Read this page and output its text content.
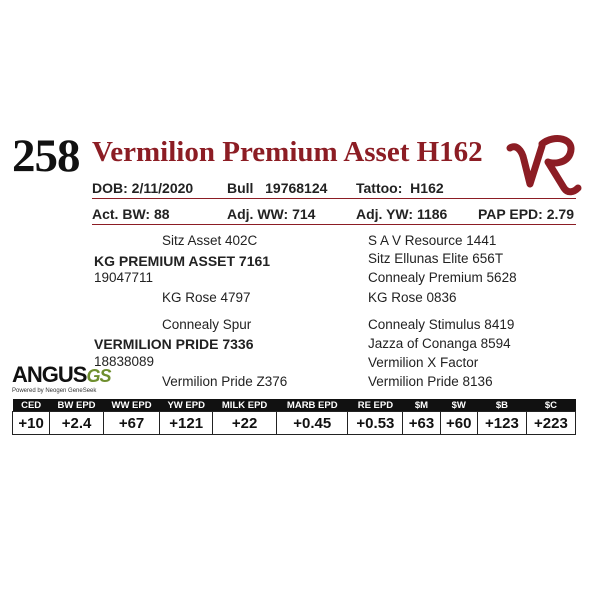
258 Vermilion Premium Asset H162
DOB: 2/11/2020 Bull 19768124 Tattoo: H162
Act. BW: 88	Adj. WW: 714	Adj. YW: 1186 PAP EPD: 2.79
Sitz Asset 402C
KG PREMIUM ASSET 7161
19047711
KG Rose 4797
S A V Resource 1441
Sitz Ellunas Elite 656T
Connealy Premium 5628
KG Rose 0836
Connealy Spur
VERMILION PRIDE 7336
18838089
Vermilion Pride Z376
Connealy Stimulus 8419
Jazza of Conanga 8594
Vermilion X Factor
Vermilion Pride 8136
ANGUSGS
Powered by Neogen GeneSeek
CED	BW EPD	WW EPD	YW EPD	MILK EPD	MARB EPD	RE EPD	$M	$W	$B	$C
+10	+2.4	+67	+121	+22	+0.45	+0.53	+63	+60	+123	+223
